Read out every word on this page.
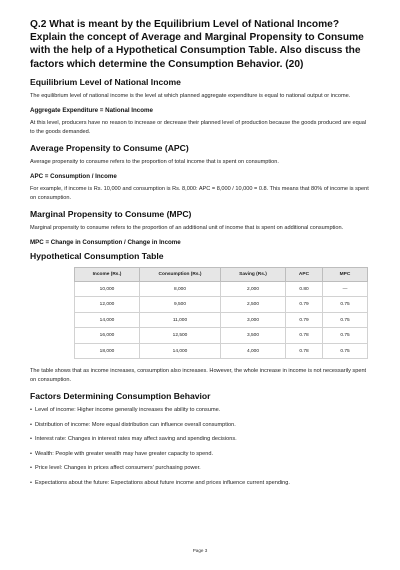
Q.2 What is meant by the Equilibrium Level of National Income? Explain the concept of Average and Marginal Propensity to Consume with the help of a Hypothetical Consumption Table. Also discuss the factors which determine the Consumption Behavior. (20)

Equilibrium Level of National Income

The equilibrium level of national income is the level at which planned aggregate expenditure is equal to national output or income.

Aggregate Expenditure = National Income

At this level, producers have no reason to increase or decrease their planned level of production because the goods produced are equal to the goods demanded.

Average Propensity to Consume (APC)

Average propensity to consume refers to the proportion of total income that is spent on consumption.

APC = Consumption / Income

For example, if income is Rs. 10,000 and consumption is Rs. 8,000: APC = 8,000 / 10,000 = 0.8. This means that 80% of income is spent on consumption.

Marginal Propensity to Consume (MPC)

Marginal propensity to consume refers to the proportion of an additional unit of income that is spent on additional consumption.

MPC = Change in Consumption / Change in Income
Hypothetical Consumption Table
Income (Rs.)	Consumption (Rs.)	Saving (Rs.)	APC	MPC
10,000	8,000	2,000	0.80	—
12,000	9,500	2,500	0.79	0.75
14,000	11,000	3,000	0.79	0.75
16,000	12,500	3,500	0.78	0.75
18,000	14,000	4,000	0.78	0.75

The table shows that as income increases, consumption also increases. However, the whole increase in income is not necessarily spent on consumption.

Factors Determining Consumption Behavior
• Level of income: Higher income generally increases the ability to consume.
• Distribution of income: More equal distribution can influence overall consumption.
• Interest rate: Changes in interest rates may affect saving and spending decisions.
• Wealth: People with greater wealth may have greater capacity to spend.
• Price level: Changes in prices affect consumers' purchasing power.
• Expectations about the future: Expectations about future income and prices influence current spending.
Page 3
